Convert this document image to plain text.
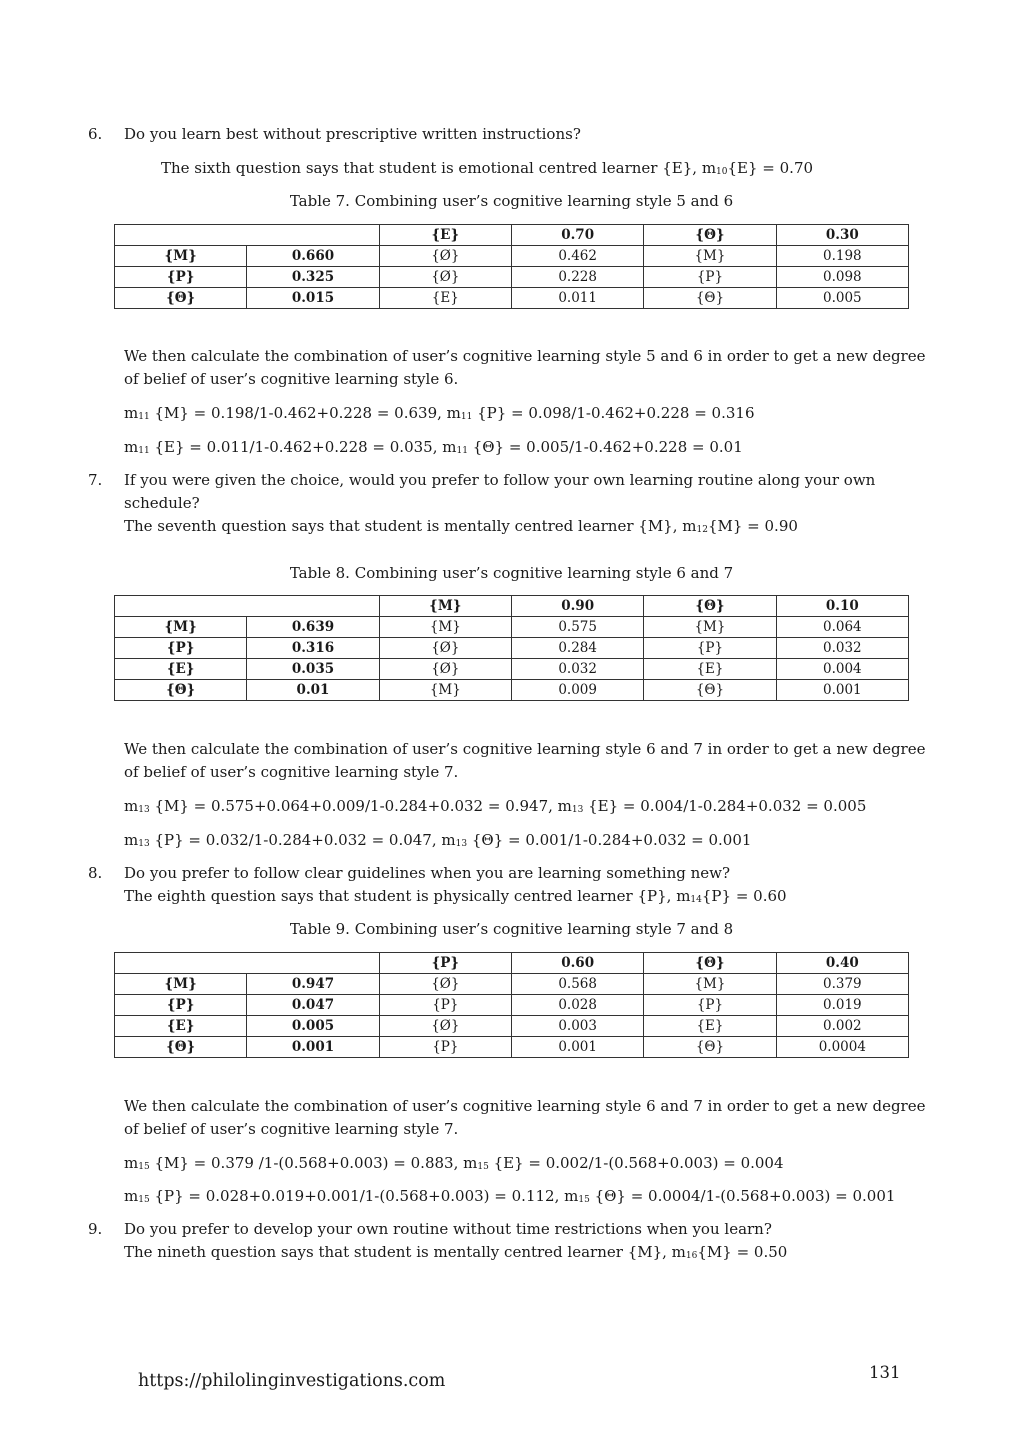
6. Do you learn best without prescriptive written instructions?
The sixth question says that student is emotional centred learner {E}, $m_{10}\{E\} = 0.70$
Table 7. Combining user’s cognitive learning style 5 and 6
		{E}	0.70	{Θ}	0.30
{M}	0.660	{Ø}	0.462	{M}	0.198
{P}	0.325	{Ø}	0.228	{P}	0.098
{Θ}	0.015	{E}	0.011	{Θ}	0.005
We then calculate the combination of user’s cognitive learning style 5 and 6 in order to get a new degree
of belief of user’s cognitive learning style 6.
$m_{11}$ {M} = 0.198/1-0.462+0.228 = 0.639, $m_{11}$ {P} = 0.098/1-0.462+0.228 = 0.316
$m_{11}$ {E} = 0.011/1-0.462+0.228 = 0.035, $m_{11}$ {Θ} = 0.005/1-0.462+0.228 = 0.01
7. If you were given the choice, would you prefer to follow your own learning routine along your own
schedule?
The seventh question says that student is mentally centred learner {M}, $m_{12}\{M\} = 0.90$
Table 8. Combining user’s cognitive learning style 6 and 7
		{M}	0.90	{Θ}	0.10
{M}	0.639	{M}	0.575	{M}	0.064
{P}	0.316	{Ø}	0.284	{P}	0.032
{E}	0.035	{Ø}	0.032	{E}	0.004
{Θ}	0.01	{M}	0.009	{Θ}	0.001
We then calculate the combination of user’s cognitive learning style 6 and 7 in order to get a new degree
of belief of user’s cognitive learning style 7.
$m_{13}$ {M} = 0.575+0.064+0.009/1-0.284+0.032 = 0.947, $m_{13}$ {E} = 0.004/1-0.284+0.032 = 0.005
$m_{13}$ {P} = 0.032/1-0.284+0.032 = 0.047, $m_{13}$ {Θ} = 0.001/1-0.284+0.032 = 0.001
8. Do you prefer to follow clear guidelines when you are learning something new?
The eighth question says that student is physically centred learner {P}, $m_{14}\{P\} = 0.60$
Table 9. Combining user’s cognitive learning style 7 and 8
		{P}	0.60	{Θ}	0.40
{M}	0.947	{Ø}	0.568	{M}	0.379
{P}	0.047	{P}	0.028	{P}	0.019
{E}	0.005	{Ø}	0.003	{E}	0.002
{Θ}	0.001	{P}	0.001	{Θ}	0.0004
We then calculate the combination of user’s cognitive learning style 6 and 7 in order to get a new degree
of belief of user’s cognitive learning style 7.
$m_{15}$ {M} = 0.379 /1-(0.568+0.003) = 0.883, $m_{15}$ {E} = 0.002/1-(0.568+0.003) = 0.004
$m_{15}$ {P} = 0.028+0.019+0.001/1-(0.568+0.003) = 0.112, $m_{15}$ {Θ} = 0.0004/1-(0.568+0.003) = 0.001
9. Do you prefer to develop your own routine without time restrictions when you learn?
The nineth question says that student is mentally centred learner {M}, $m_{16}\{M\} = 0.50$
https://philolinginvestigations.com	131
